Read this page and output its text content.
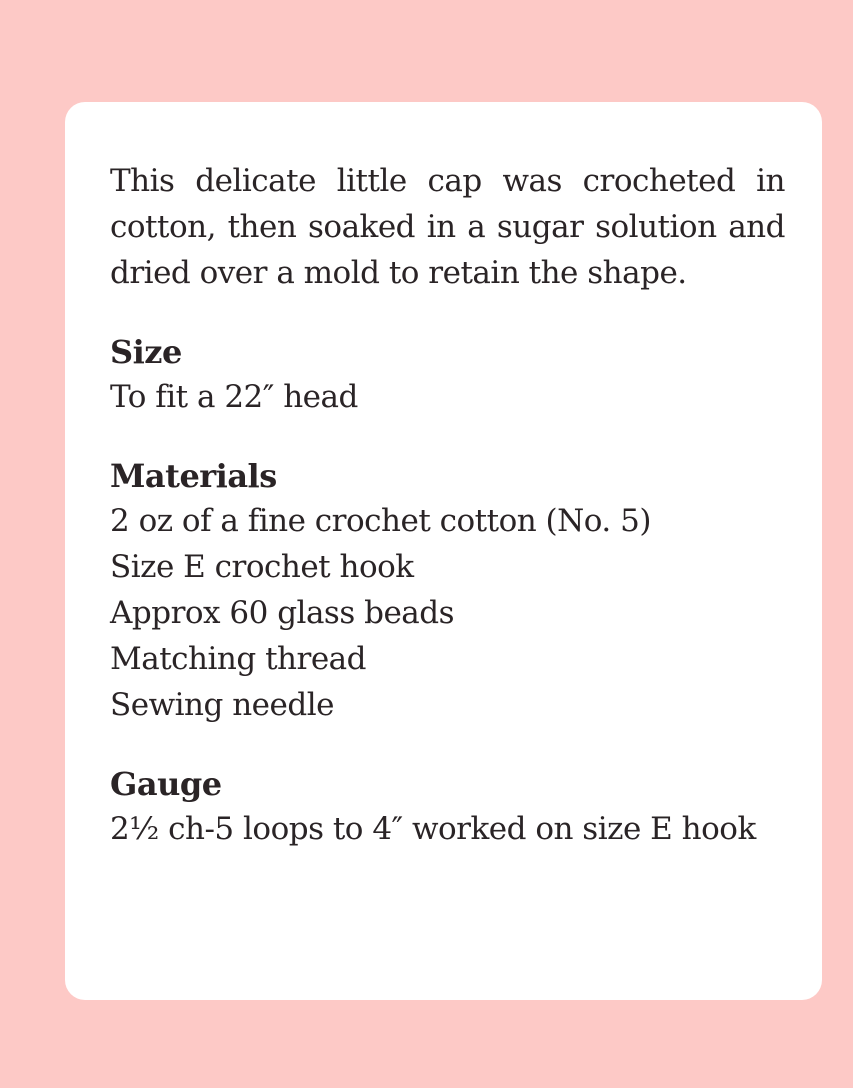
This delicate little cap was crocheted in cotton, then soaked in a sugar solution and dried over a mold to retain the shape.

Size
To fit a 22″ head
Materials
2 oz of a fine crochet cotton (No. 5)
Size E crochet hook
Approx 60 glass beads
Matching thread
Sewing needle
Gauge
2½ ch-5 loops to 4″ worked on size E hook
